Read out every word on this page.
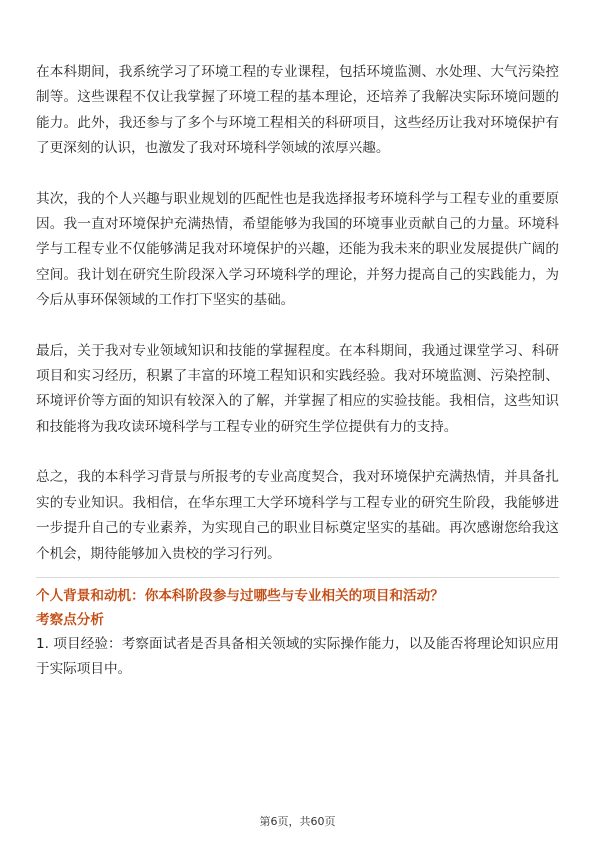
在本科期间，我系统学习了环境工程的专业课程，包括环境监测、水处理、大气污染控制等。这些课程不仅让我掌握了环境工程的基本理论，还培养了我解决实际环境问题的能力。此外，我还参与了多个与环境工程相关的科研项目，这些经历让我对环境保护有了更深刻的认识，也激发了我对环境科学领域的浓厚兴趣。

其次，我的个人兴趣与职业规划的匹配性也是我选择报考环境科学与工程专业的重要原因。我一直对环境保护充满热情，希望能够为我国的环境事业贡献自己的力量。环境科学与工程专业不仅能够满足我对环境保护的兴趣，还能为我未来的职业发展提供广阔的空间。我计划在研究生阶段深入学习环境科学的理论，并努力提高自己的实践能力，为今后从事环保领域的工作打下坚实的基础。

最后，关于我对专业领域知识和技能的掌握程度。在本科期间，我通过课堂学习、科研项目和实习经历，积累了丰富的环境工程知识和实践经验。我对环境监测、污染控制、环境评价等方面的知识有较深入的了解，并掌握了相应的实验技能。我相信，这些知识和技能将为我攻读环境科学与工程专业的研究生学位提供有力的支持。

总之，我的本科学习背景与所报考的专业高度契合，我对环境保护充满热情，并具备扎实的专业知识。我相信，在华东理工大学环境科学与工程专业的研究生阶段，我能够进一步提升自己的专业素养，为实现自己的职业目标奠定坚实的基础。再次感谢您给我这个机会，期待能够加入贵校的学习行列。

个人背景和动机：你本科阶段参与过哪些与专业相关的项目和活动？

考察点分析

1. 项目经验：考察面试者是否具备相关领域的实际操作能力，以及能否将理论知识应用于实际项目中。

第6页，共60页
